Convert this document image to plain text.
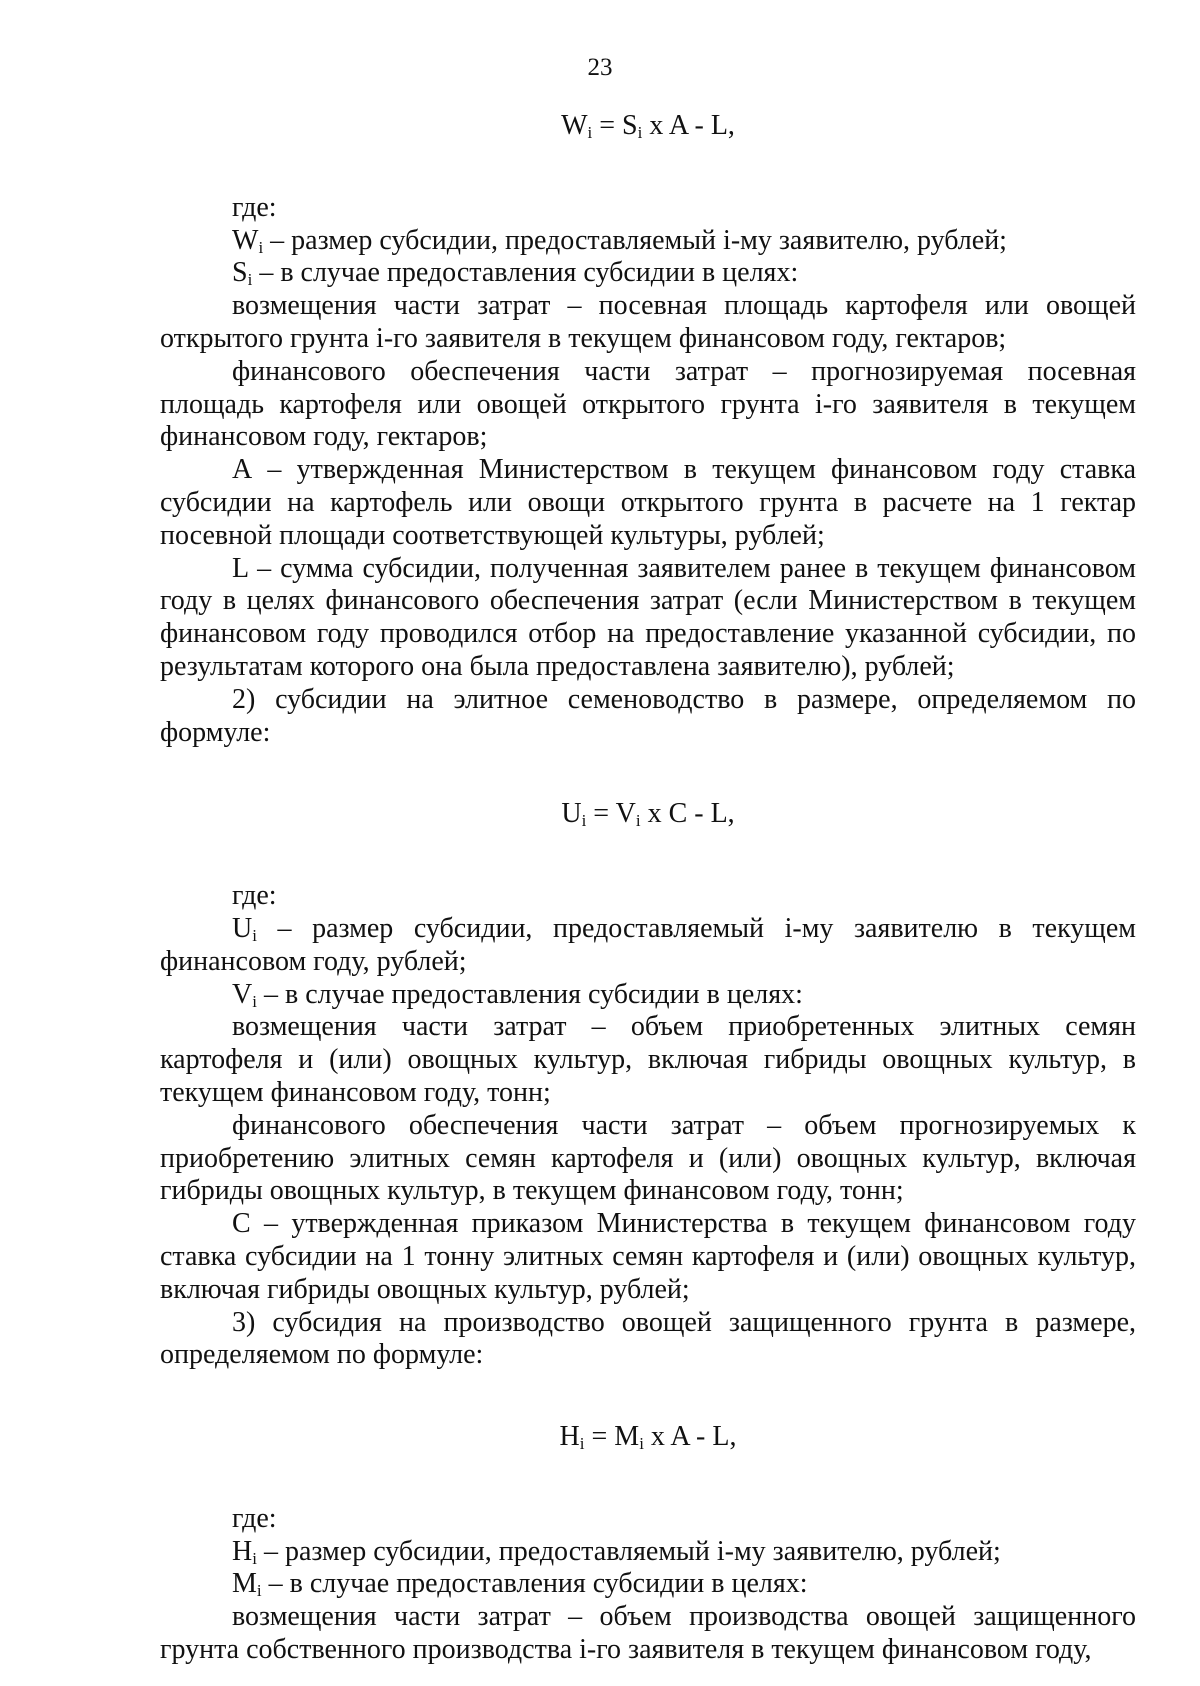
23
$W_i = S_i$ x A - L,

где:

$W_i$ – размер субсидии, предоставляемый i-му заявителю, рублей;

$S_i$ – в случае предоставления субсидии в целях:

возмещения части затрат – посевная площадь картофеля или овощей открытого грунта i-го заявителя в текущем финансовом году, гектаров;

финансового обеспечения части затрат – прогнозируемая посевная площадь картофеля или овощей открытого грунта i-го заявителя в текущем финансовом году, гектаров;

А – утвержденная Министерством в текущем финансовом году ставка субсидии на картофель или овощи открытого грунта в расчете на 1 гектар посевной площади соответствующей культуры, рублей;

L – сумма субсидии, полученная заявителем ранее в текущем финансовом году в целях финансового обеспечения затрат (если Министерством в текущем финансовом году проводился отбор на предоставление указанной субсидии, по результатам которого она была предоставлена заявителю), рублей;

2) субсидии на элитное семеноводство в размере, определяемом по формуле:

$U_i = V_i$ x C - L,

где:

$U_i$ – размер субсидии, предоставляемый i-му заявителю в текущем финансовом году, рублей;

$V_i$ – в случае предоставления субсидии в целях:

возмещения части затрат – объем приобретенных элитных семян картофеля и (или) овощных культур, включая гибриды овощных культур, в текущем финансовом году, тонн;

финансового обеспечения части затрат – объем прогнозируемых к приобретению элитных семян картофеля и (или) овощных культур, включая гибриды овощных культур, в текущем финансовом году, тонн;

С – утвержденная приказом Министерства в текущем финансовом году ставка субсидии на 1 тонну элитных семян картофеля и (или) овощных культур, включая гибриды овощных культур, рублей;

3) субсидия на производство овощей защищенного грунта в размере, определяемом по формуле:

$H_i = M_i$ x A - L,

где:

$H_i$ – размер субсидии, предоставляемый i-му заявителю, рублей;

$M_i$ – в случае предоставления субсидии в целях:

возмещения части затрат – объем производства овощей защищенного грунта собственного производства i-го заявителя в текущем финансовом году,
